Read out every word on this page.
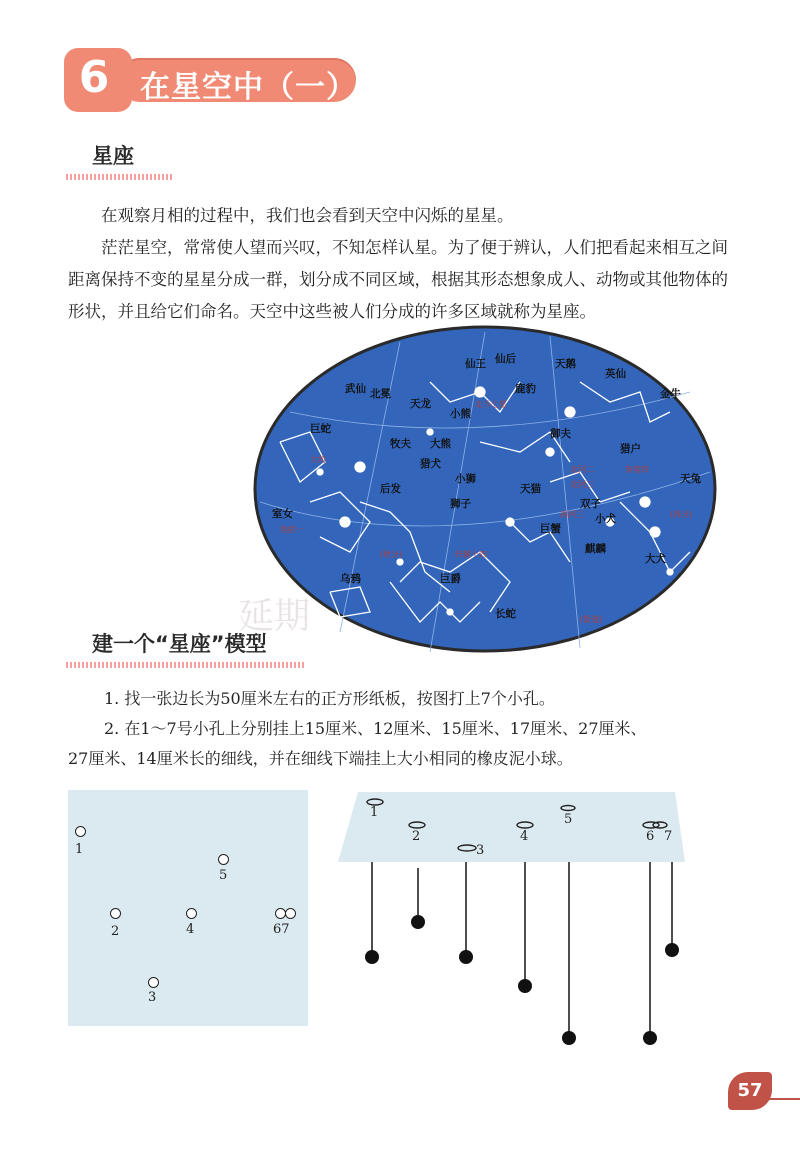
6	在星空中（一）
星座

在观察月相的过程中，我们也会看到天空中闪烁的星星。

茫茫星空，常常使人望而兴叹，不知怎样认星。为了便于辨认，人们把看起来相互之间距离保持不变的星星分成一群，划分成不同区域，根据其形态想象成人、动物或其他物体的形状，并且给它们命名。天空中这些被人们分成的许多区域就称为星座。

武仙 北冕
巨蛇
室女
牧夫
猎犬
大熊
后发
小狮
狮子
巨爵
乌鸦
长蛇
天猫
御夫
双子
小犬
巨蟹
麒麟
猎户
大犬
天兔
金牛
英仙
仙王 仙后
鹿豹
小熊
天龙
天鹅
大角
角宿一
北斗七星
(春分)
(秋分)	轩辕十四
北河二
北河三
南河三
参宿四
(银道)
延期
建一个“星座”模型
1. 找一张边长为50厘米左右的正方形纸板，按图打上7个小孔。
2. 在1～7号小孔上分别挂上15厘米、12厘米、15厘米、17厘米、27厘米、
27厘米、14厘米长的细线，并在细线下端挂上大小相同的橡皮泥小球。
1
2
3
4
5
67
1
2
3
4
5
6 7
57
